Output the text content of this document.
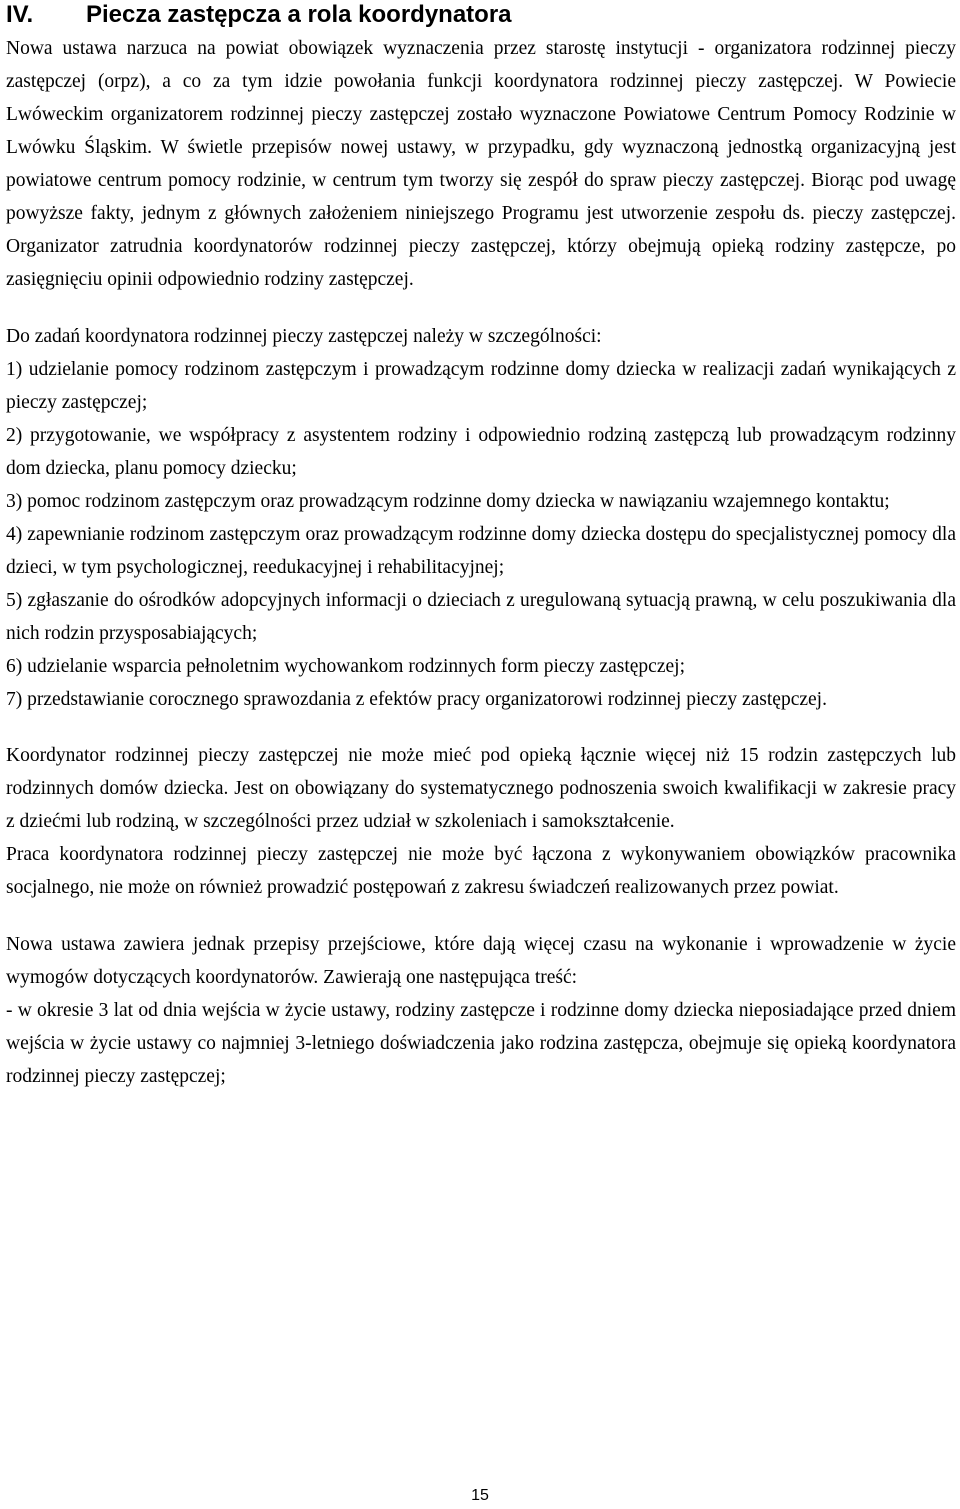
IV. Piecza zastępcza a rola koordynatora

Nowa ustawa narzuca na powiat obowiązek wyznaczenia przez starostę instytucji - organizatora rodzinnej pieczy zastępczej (orpz), a co za tym idzie powołania funkcji koordynatora rodzinnej pieczy zastępczej. W Powiecie Lwóweckim organizatorem rodzinnej pieczy zastępczej zostało wyznaczone Powiatowe Centrum Pomocy Rodzinie w Lwówku Śląskim. W świetle przepisów nowej ustawy, w przypadku, gdy wyznaczoną jednostką organizacyjną jest powiatowe centrum pomocy rodzinie, w centrum tym tworzy się zespół do spraw pieczy zastępczej. Biorąc pod uwagę powyższe fakty, jednym z głównych założeniem niniejszego Programu jest utworzenie zespołu ds. pieczy zastępczej. Organizator zatrudnia koordynatorów rodzinnej pieczy zastępczej, którzy obejmują opieką rodziny zastępcze, po zasięgnięciu opinii odpowiednio rodziny zastępczej.

Do zadań koordynatora rodzinnej pieczy zastępczej należy w szczególności:

1) udzielanie pomocy rodzinom zastępczym i prowadzącym rodzinne domy dziecka w realizacji zadań wynikających z pieczy zastępczej;

2) przygotowanie, we współpracy z asystentem rodziny i odpowiednio rodziną zastępczą lub prowadzącym rodzinny dom dziecka, planu pomocy dziecku;

3) pomoc rodzinom zastępczym oraz prowadzącym rodzinne domy dziecka w nawiązaniu wzajemnego kontaktu;

4) zapewnianie rodzinom zastępczym oraz prowadzącym rodzinne domy dziecka dostępu do specjalistycznej pomocy dla dzieci, w tym psychologicznej, reedukacyjnej i rehabilitacyjnej;

5) zgłaszanie do ośrodków adopcyjnych informacji o dzieciach z uregulowaną sytuacją prawną, w celu poszukiwania dla nich rodzin przysposabiających;

6) udzielanie wsparcia pełnoletnim wychowankom rodzinnych form pieczy zastępczej;

7) przedstawianie corocznego sprawozdania z efektów pracy organizatorowi rodzinnej pieczy zastępczej.

Koordynator rodzinnej pieczy zastępczej nie może mieć pod opieką łącznie więcej niż 15 rodzin zastępczych lub rodzinnych domów dziecka. Jest on obowiązany do systematycznego podnoszenia swoich kwalifikacji w zakresie pracy z dziećmi lub rodziną, w szczególności przez udział w szkoleniach i samokształcenie.

Praca koordynatora rodzinnej pieczy zastępczej nie może być łączona z wykonywaniem obowiązków pracownika socjalnego, nie może on również prowadzić postępowań z zakresu świadczeń realizowanych przez powiat.

Nowa ustawa zawiera jednak przepisy przejściowe, które dają więcej czasu na wykonanie i wprowadzenie w życie wymogów dotyczących koordynatorów. Zawierają one następująca treść:

- w okresie 3 lat od dnia wejścia w życie ustawy, rodziny zastępcze i rodzinne domy dziecka nieposiadające przed dniem wejścia w życie ustawy co najmniej 3-letniego doświadczenia jako rodzina zastępcza, obejmuje się opieką koordynatora rodzinnej pieczy zastępczej;

15
